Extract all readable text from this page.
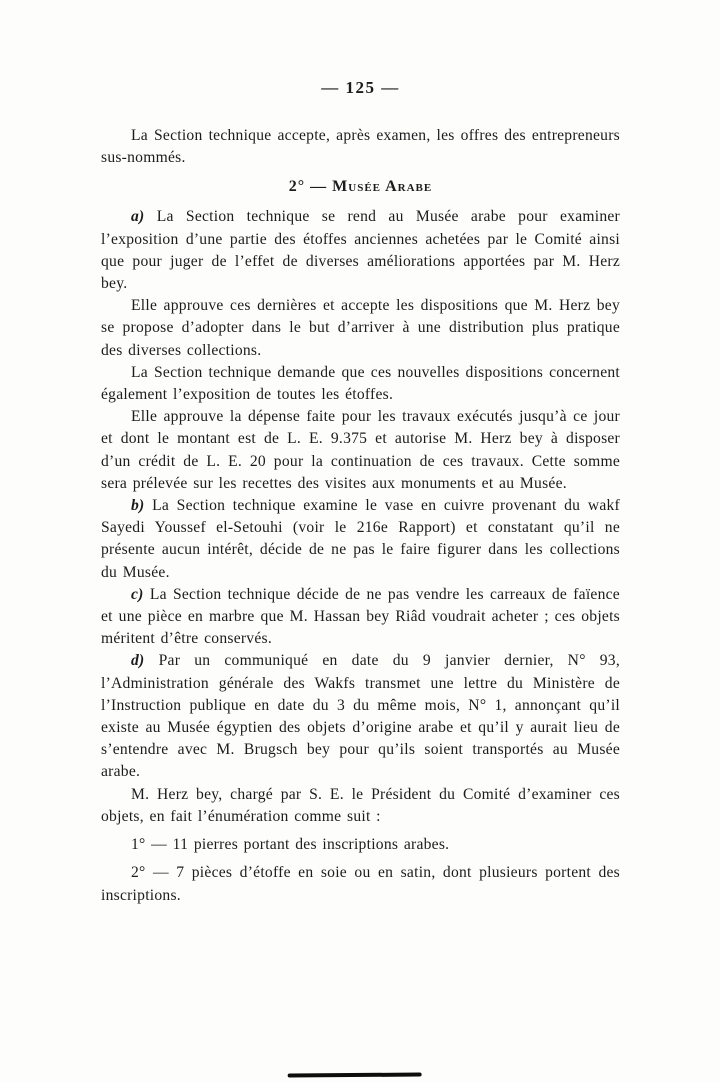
— 125 —

La Section technique accepte, après examen, les offres des entrepreneurs sus-nommés.

2° — Musée Arabe

a) La Section technique se rend au Musée arabe pour examiner l’exposition d’une partie des étoffes anciennes achetées par le Comité ainsi que pour juger de l’effet de diverses améliorations apportées par M. Herz bey.

Elle approuve ces dernières et accepte les dispositions que M. Herz bey se propose d’adopter dans le but d’arriver à une distribution plus pratique des diverses collections.

La Section technique demande que ces nouvelles dispositions concernent également l’exposition de toutes les étoffes.

Elle approuve la dépense faite pour les travaux exécutés jusqu’à ce jour et dont le montant est de L. E. 9.375 et autorise M. Herz bey à disposer d’un crédit de L. E. 20 pour la continuation de ces travaux. Cette somme sera prélevée sur les recettes des visites aux monuments et au Musée.

b) La Section technique examine le vase en cuivre provenant du wakf Sayedi Youssef el-Setouhi (voir le 216e Rapport) et constatant qu’il ne présente aucun intérêt, décide de ne pas le faire figurer dans les collections du Musée.

c) La Section technique décide de ne pas vendre les carreaux de faïence et une pièce en marbre que M. Hassan bey Riâd voudrait acheter ; ces objets méritent d’être conservés.

d) Par un communiqué en date du 9 janvier dernier, N° 93, l’Administration générale des Wakfs transmet une lettre du Ministère de l’Instruction publique en date du 3 du même mois, N° 1, annonçant qu’il existe au Musée égyptien des objets d’origine arabe et qu’il y aurait lieu de s’entendre avec M. Brugsch bey pour qu’ils soient transportés au Musée arabe.

M. Herz bey, chargé par S. E. le Président du Comité d’examiner ces objets, en fait l’énumération comme suit :

1° — 11 pierres portant des inscriptions arabes.

2° — 7 pièces d’étoffe en soie ou en satin, dont plusieurs portent des inscriptions.
